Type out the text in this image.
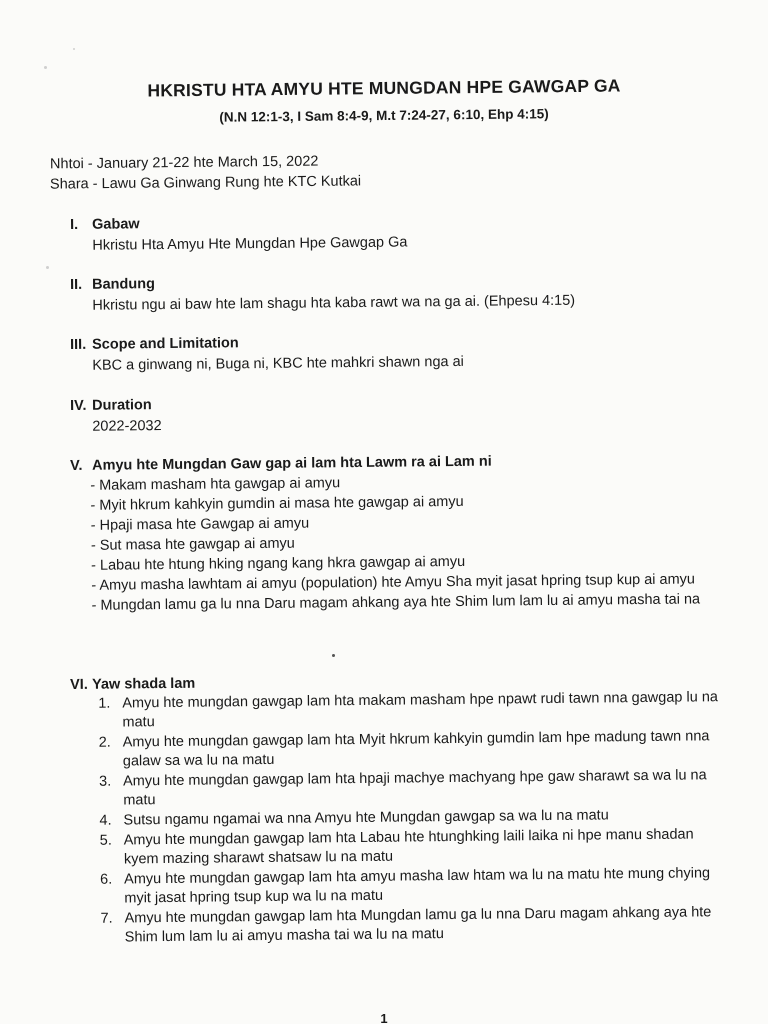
HKRISTU HTA AMYU HTE MUNGDAN HPE GAWGAP GA
(N.N 12:1-3, I Sam 8:4-9, M.t 7:24-27, 6:10, Ehp 4:15)
Nhtoi - January 21-22 hte March 15, 2022
Shara - Lawu Ga Ginwang Rung hte KTC Kutkai
I. Gabaw
Hkristu Hta Amyu Hte Mungdan Hpe Gawgap Ga
II. Bandung
Hkristu ngu ai baw hte lam shagu hta kaba rawt wa na ga ai. (Ehpesu 4:15)
III. Scope and Limitation
KBC a ginwang ni, Buga ni, KBC hte mahkri shawn nga ai
IV. Duration
2022-2032
V. Amyu hte Mungdan Gaw gap ai lam hta Lawm ra ai Lam ni
- Makam masham hta gawgap ai amyu
- Myit hkrum kahkyin gumdin ai masa hte gawgap ai amyu
- Hpaji masa hte Gawgap ai amyu
- Sut masa hte gawgap ai amyu
- Labau hte htung hking ngang kang hkra gawgap ai amyu
- Amyu masha lawhtam ai amyu (population) hte Amyu Sha myit jasat hpring tsup kup ai amyu
- Mungdan lamu ga lu nna Daru magam ahkang aya hte Shim lum lam lu ai amyu masha tai na
VI. Yaw shada lam
1. Amyu hte mungdan gawgap lam hta makam masham hpe npawt rudi tawn nna gawgap lu na matu
2. Amyu hte mungdan gawgap lam hta Myit hkrum kahkyin gumdin lam hpe madung tawn nna galaw sa wa lu na matu
3. Amyu hte mungdan gawgap lam hta hpaji machye machyang hpe gaw sharawt sa wa lu na matu
4. Sutsu ngamu ngamai wa nna Amyu hte Mungdan gawgap sa wa lu na matu
5. Amyu hte mungdan gawgap lam hta Labau hte htunghking laili laika ni hpe manu shadan kyem mazing sharawt shatsaw lu na matu
6. Amyu hte mungdan gawgap lam hta amyu masha law htam wa lu na matu hte mung chying myit jasat hpring tsup kup wa lu na matu
7. Amyu hte mungdan gawgap lam hta Mungdan lamu ga lu nna Daru magam ahkang aya hte Shim lum lam lu ai amyu masha tai wa lu na matu
1
